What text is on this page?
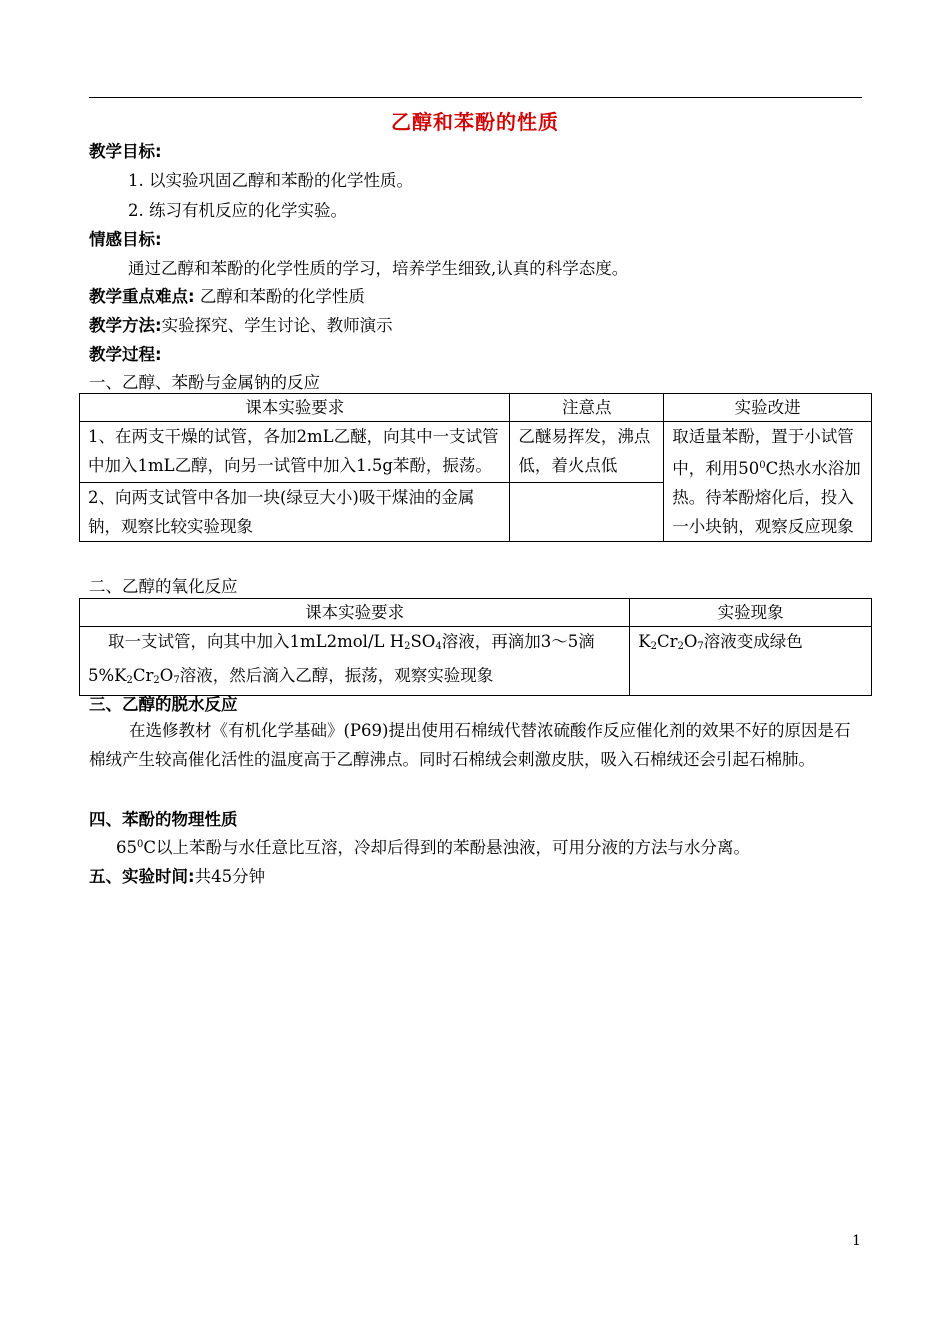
乙醇和苯酚的性质
教学目标:
1. 以实验巩固乙醇和苯酚的化学性质。
2. 练习有机反应的化学实验。
情感目标:
通过乙醇和苯酚的化学性质的学习，培养学生细致,认真的科学态度。
教学重点难点: 乙醇和苯酚的化学性质
教学方法:实验探究、学生讨论、教师演示
教学过程:
一、乙醇、苯酚与金属钠的反应
课本实验要求	注意点	实验改进
1、在两支干燥的试管，各加2mL乙醚，向其中一支试管中加入1mL乙醇，向另一试管中加入1.5g苯酚，振荡。	乙醚易挥发，沸点低，着火点低	取适量苯酚，置于小试管中，利用$50^0C$热水水浴加热。待苯酚熔化后，投入一小块钠，观察反应现象
2、向两支试管中各加一块(绿豆大小)吸干煤油的金属钠，观察比较实验现象		
二、乙醇的氧化反应
课本实验要求	实验现象
取一支试管，向其中加入1mL2mol/L $H_2SO_4$溶液，再滴加3～5滴$5\%K_2Cr_2O_7$溶液，然后滴入乙醇，振荡，观察实验现象	$K_2Cr_2O_7$溶液变成绿色
三、乙醇的脱水反应
在选修教材《有机化学基础》(P69)提出使用石棉绒代替浓硫酸作反应催化剂的效果不好的原因是石棉绒产生较高催化活性的温度高于乙醇沸点。同时石棉绒会刺激皮肤，吸入石棉绒还会引起石棉肺。
四、苯酚的物理性质
$65^0C$以上苯酚与水任意比互溶，冷却后得到的苯酚悬浊液，可用分液的方法与水分离。
五、实验时间:共45分钟
1
